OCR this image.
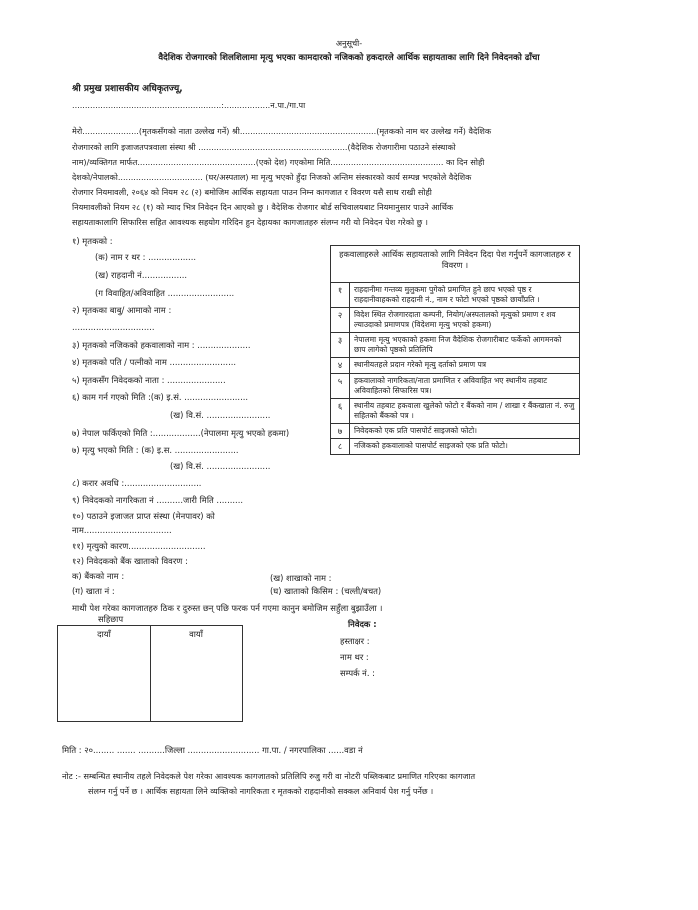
अनुसूची-
वैदेशिक रोजगारको शिलशिलामा मृत्यु भएका कामदारको नजिकको हकदारले आर्थिक सहायताका लागि दिने निवेदनको ढाँचा
श्री प्रमुख प्रशासकीय अधिकृतज्यू,
..........................................................:..................न.पा./गा.पा
मेरो......................(मृतकसँगको नाता उल्लेख गर्ने) श्री.....................................................(मृतकको नाम थर उल्लेख गर्ने) वैदेशिक
रोजगारको लागि इजाजतपत्रवाला संस्था श्री ..........................................................(वैदेशिक रोजगारीमा पठाउने संस्थाको
नाम)/व्यक्तिगत मार्फत..............................................(एको देश) गएकोमा मिति............................................ का दिन सोही
देशको/नेपालको................................. (घर/अस्पताल) मा मृत्यु भएको हुँदा निजको अन्तिम संस्कारको कार्य सम्पन्न भएकोले वैदेशिक
रोजगार नियमावली, २०६४ को नियम २८ (२) बमोजिम आर्थिक सहायता पाउन निम्न कागजात र विवरण यसै साथ राखी सोही
नियमावलीको नियम २८ (१) को म्याद भित्र निवेदन दिन आएको छु । वैदेशिक रोजगार बोर्ड सचिवालयबाट नियमानुसार पाउने आर्थिक
सहायताकालागि सिफारिस सहित आवश्यक सहयोग गरिदिन हुन देहायका कागजातहरु संलग्न गरी यो निवेदन पेश गरेको छु ।
१) मृतकको :
(क) नाम र थर : ..................
(ख) राहदानी नं.................
(ग विवाहित/अविवाहित .........................
२) मृतकका बाबु/ आमाको नाम :
...............................
३) मृतकको नजिकको हकवालाको नाम : ....................
४) मृतकको पति / पत्नीको नाम .........................
५) मृतकसँग निवेदकको नाता : ......................
६) काम गर्न गएको मिति :(क) इ.सं. ........................
(ख) वि.सं. ........................
७) नेपाल फर्किएको मिति :..................(नेपालमा मृत्यु भएको हकमा)
७) मृत्यु भएको मिति : (क) इ.स. ........................
(ख) वि.सं. ........................
८) करार अवधि :.............................
९) निवेदकको नागरिकता नं ..........जारी मिति ..........
१०) पठाउने इजाजत प्राप्त संस्था (मेनपावर) को
नाम.................................
११) मृत्युको कारण.............................
१२) निवेदकको बैंक खाताको विवरण :
क) बैंकको नाम :
(ग) खाता नं :
(ख) शाखाको नाम :
(घ) खाताको किसिम : (चल्ती/बचत)
हकवालाहरुले आर्थिक सहायताको लागि निवेदन दिदा पेश गर्नुपर्ने कागजातहरु र विवरण ।	
१	राहदानीमा गन्तव्य मुलुकमा पुगेको प्रमाणित हुने छाप भएको पृष्ठ र राहदानीवाहकको राहदानी नं., नाम र फोटो भएको पृष्ठको छायाँप्रति ।
२	विदेश स्थित रोजगारदाता कम्पनी, नियोग/अस्पतालको मृत्युको प्रमाण र शव ल्याउदाको प्रमाणपत्र (विदेशमा मृत्यु भएको हकमा)
३	नेपालमा मृत्यु भएकाको हकमा निज वैदेशिक रोजगारीबाट फर्केको आगमनको छाप लागेको पृष्ठको प्रतिलिपि
४	स्थानीयतहले प्रदान गरेको मृत्यु दर्ताको प्रमाण पत्र
५	हकवालाको नागरिकता/नाता प्रमाणित र अविवाहित भए स्थानीय तहबाट अविवाहितको सिफारिस पत्र।
६	स्थानीय तहबाट हकवाला खुलेको फोटो र बैंकको नाम / शाखा र बैंकखाता नं. रुजु सहितको बैंकको पत्र ।
७	निवेदकको एक प्रति पासपोर्ट साइजको फोटो।
८	नजिकको हकवालाको पासपोर्ट साइजको एक प्रति फोटो।
माथी पेश गरेका कागजातहरु ठिक र दुरुस्त छन् पछि फरक पर्न गएमा कानुन बमोजिम सहुँला बुझाउँला ।
सहिछाप
दायाँ	वायाँ
निवेदक :
हस्ताक्षर :
नाम थर :
सम्पर्क नं. :
मिति : २०........ ....... ..........जिल्ला ........................... गा.पा. / नगरपालिका ......वडा नं
नोट :- सम्बन्धित स्थानीय तहले निवेदकले पेश गरेका आवश्यक कागजातको प्रतिलिपि रुजु गरी वा नोटरी पब्लिकबाट प्रमाणित गरिएका कागजात
संलग्न गर्नु पर्ने छ । आर्थिक सहायता लिने व्यक्तिको नागरिकता र मृतकको राहदानीको सक्कल अनिवार्य पेश गर्नु पर्नेछ ।
